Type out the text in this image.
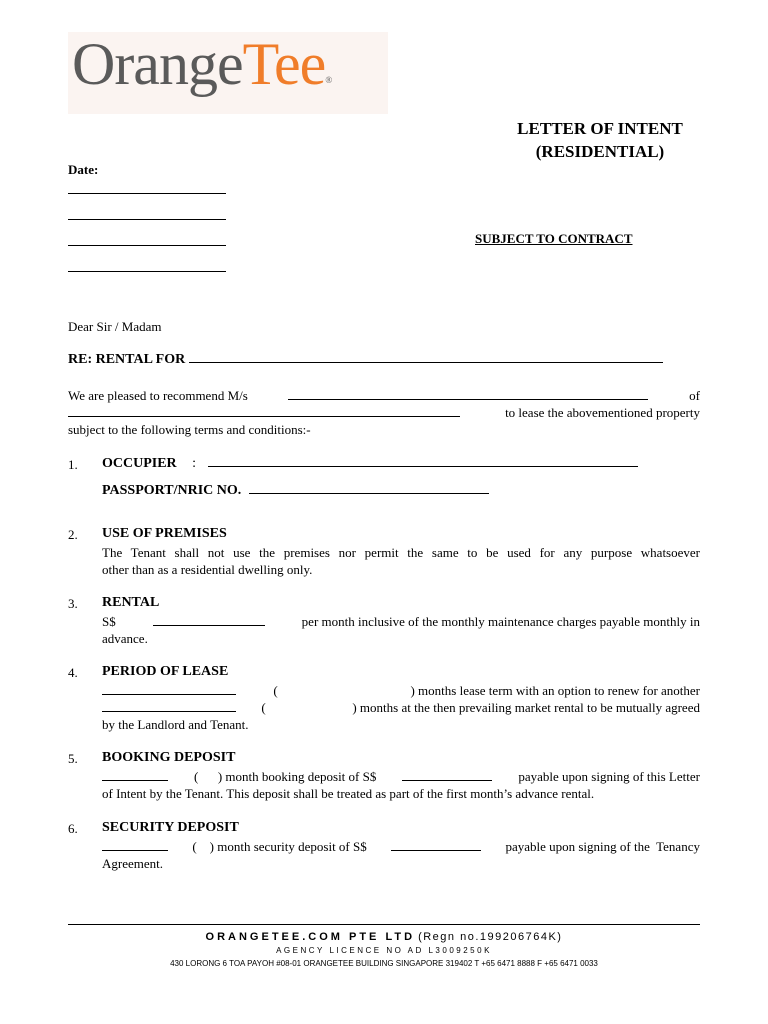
OrangeTee®
LETTER OF INTENT
(RESIDENTIAL)
Date:
SUBJECT TO CONTRACT
Dear Sir / Madam
RE: RENTAL FOR
We are pleased to recommend M/s	of
to lease the abovementioned property
subject to the following terms and conditions:-
1. OCCUPIER :
PASSPORT/NRIC NO.
2. USE OF PREMISES
The Tenant shall not use the premises nor permit the same to be used for any purpose whatsoever
other than as a residential dwelling only.
3. RENTAL
S$	per month inclusive of the monthly maintenance charges payable monthly in
advance.
4. PERIOD OF LEASE
(	) months lease term with an option to renew for another
(	) months at the then prevailing market rental to be mutually agreed
by the Landlord and Tenant.
5. BOOKING DEPOSIT
(      ) month booking deposit of S$	payable upon signing of this Letter
of Intent by the Tenant. This deposit shall be treated as part of the first month’s advance rental.
6. SECURITY DEPOSIT
(    ) month security deposit of S$	payable upon signing of the  Tenancy
Agreement.
ORANGETEE.COM PTE LTD (Regn no.199206764K)
AGENCY LICENCE NO AD L3009250K
430 LORONG 6 TOA PAYOH #08-01 ORANGETEE BUILDING SINGAPORE 319402 T +65 6471 8888 F +65 6471 0033
